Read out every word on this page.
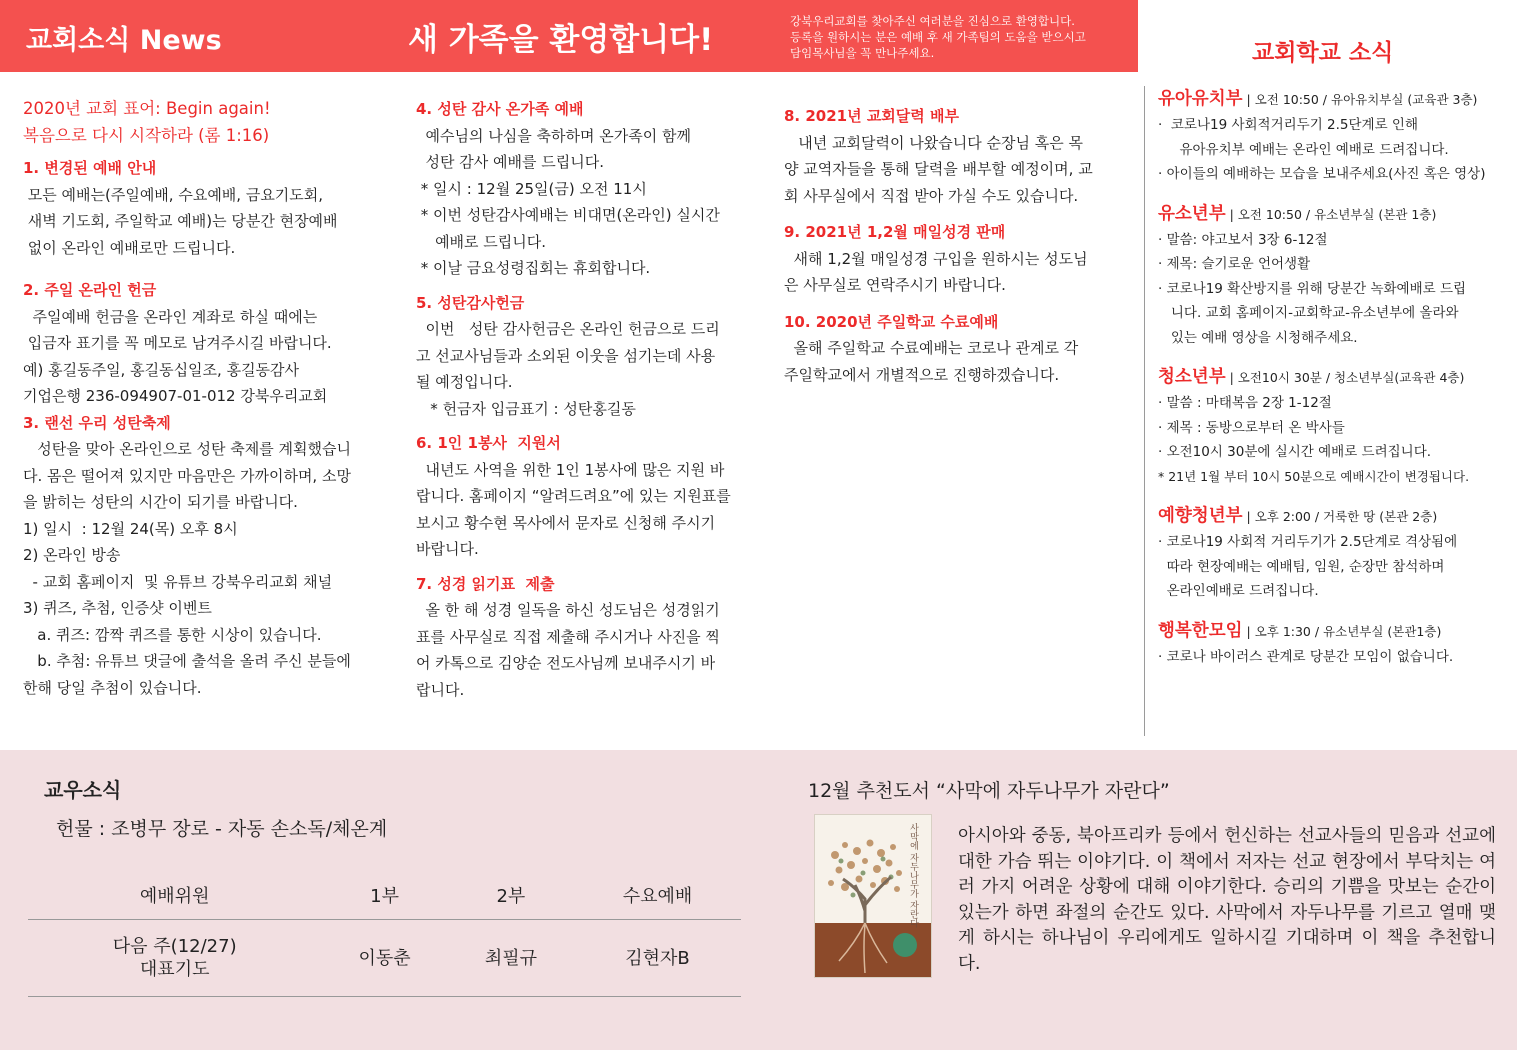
교회소식 News	새 가족을 환영합니다!
강북우리교회를 찾아주신 여러분을 진심으로 환영합니다.
등록을 원하시는 분은 예배 후 새 가족팀의 도움을 받으시고
담임목사님을 꼭 만나주세요.	교회학교 소식
2020년 교회 표어: Begin again!
복음으로 다시 시작하라 (롬 1:16)
1. 변경된 예배 안내
모든 예배는(주일예배, 수요예배, 금요기도회,
새벽 기도회, 주일학교 예배)는 당분간 현장예배
없이 온라인 예배로만 드립니다.
2. 주일 온라인 헌금
주일예배 헌금을 온라인 계좌로 하실 때에는
입금자 표기를 꼭 메모로 남겨주시길 바랍니다.
예) 홍길동주일, 홍길동십일조, 홍길동감사
기업은행 236-094907-01-012 강북우리교회
3. 랜선 우리 성탄축제
성탄을 맞아 온라인으로 성탄 축제를 계획했습니
다. 몸은 떨어져 있지만 마음만은 가까이하며, 소망
을 밝히는 성탄의 시간이 되기를 바랍니다.
1) 일시  : 12월 24(목) 오후 8시
2) 온라인 방송
- 교회 홈페이지  및 유튜브 강북우리교회 채널
3) 퀴즈, 추첨, 인증샷 이벤트
a. 퀴즈: 깜짝 퀴즈를 통한 시상이 있습니다.
b. 추첨: 유튜브 댓글에 출석을 올려 주신 분들에
한해 당일 추첨이 있습니다.
4. 성탄 감사 온가족 예배
예수님의 나심을 축하하며 온가족이 함께
성탄 감사 예배를 드립니다.
* 일시 : 12월 25일(금) 오전 11시
* 이번 성탄감사예배는 비대면(온라인) 실시간
예배로 드립니다.
* 이날 금요성령집회는 휴회합니다.
5. 성탄감사헌금
이번   성탄 감사헌금은 온라인 헌금으로 드리
고 선교사님들과 소외된 이웃을 섬기는데 사용
될 예정입니다.
* 헌금자 입금표기 : 성탄홍길동
6. 1인 1봉사  지원서
내년도 사역을 위한 1인 1봉사에 많은 지원 바
랍니다. 홈페이지 “알려드려요”에 있는 지원표를
보시고 황수현 목사에서 문자로 신청해 주시기
바랍니다.
7. 성경 읽기표  제출
올 한 해 성경 일독을 하신 성도님은 성경읽기
표를 사무실로 직접 제출해 주시거나 사진을 찍
어 카톡으로 김양순 전도사님께 보내주시기 바
랍니다.
8. 2021년 교회달력 배부
내년 교회달력이 나왔습니다 순장님 혹은 목
양 교역자들을 통해 달력을 배부할 예정이며, 교
회 사무실에서 직접 받아 가실 수도 있습니다.
9. 2021년 1,2월 매일성경 판매
새해 1,2월 매일성경 구입을 원하시는 성도님
은 사무실로 연락주시기 바랍니다.
10. 2020년 주일학교 수료예배
올해 주일학교 수료예배는 코로나 관계로 각
주일학교에서 개별적으로 진행하겠습니다.
유아유치부 | 오전 10:50 / 유아유치부실 (교육관 3층)
·  코로나19 사회적거리두기 2.5단계로 인해
유아유치부 예배는 온라인 예배로 드려집니다.
· 아이들의 예배하는 모습을 보내주세요(사진 혹은 영상)
유소년부 | 오전 10:50 / 유소년부실 (본관 1층)
· 말씀: 야고보서 3장 6-12절
· 제목: 슬기로운 언어생활
· 코로나19 확산방지를 위해 당분간 녹화예배로 드립
니다. 교회 홈페이지-교회학교-유소년부에 올라와
있는 예배 영상을 시청해주세요.
청소년부 | 오전10시 30분 / 청소년부실(교육관 4층)
· 말씀 : 마태복음 2장 1-12절
· 제목 : 동방으로부터 온 박사들
· 오전10시 30분에 실시간 예배로 드려집니다.
* 21년 1월 부터 10시 50분으로 예배시간이 변경됩니다.
예향청년부 | 오후 2:00 / 거룩한 땅 (본관 2층)
· 코로나19 사회적 거리두기가 2.5단계로 격상됨에
따라 현장예배는 예배팀, 임원, 순장만 참석하며
온라인예배로 드려집니다.
행복한모임 | 오후 1:30 / 유소년부실 (본관1층)
· 코로나 바이러스 관계로 당분간 모임이 없습니다.
교우소식
헌물 : 조병무 장로 - 자동 손소독/체온계
예배위원	1부	2부	수요예배

다음 주(12/27)
대표기도	이동춘	최필규	김현자B
12월 추천도서 “사막에 자두나무가 자란다”
사막에 자두나무가 자란다 아시아와 중동, 북아프리카 등에서 헌신하는 선교사들의 믿음과 선교에 대한 가슴 뛰는 이야기다. 이 책에서 저자는 선교 현장에서 부닥치는 여러 가지 어려운 상황에 대해 이야기한다. 승리의 기쁨을 맛보는 순간이 있는가 하면 좌절의 순간도 있다. 사막에서 자두나무를 기르고 열매 맺게 하시는 하나님이 우리에게도 일하시길 기대하며 이 책을 추천합니다.
